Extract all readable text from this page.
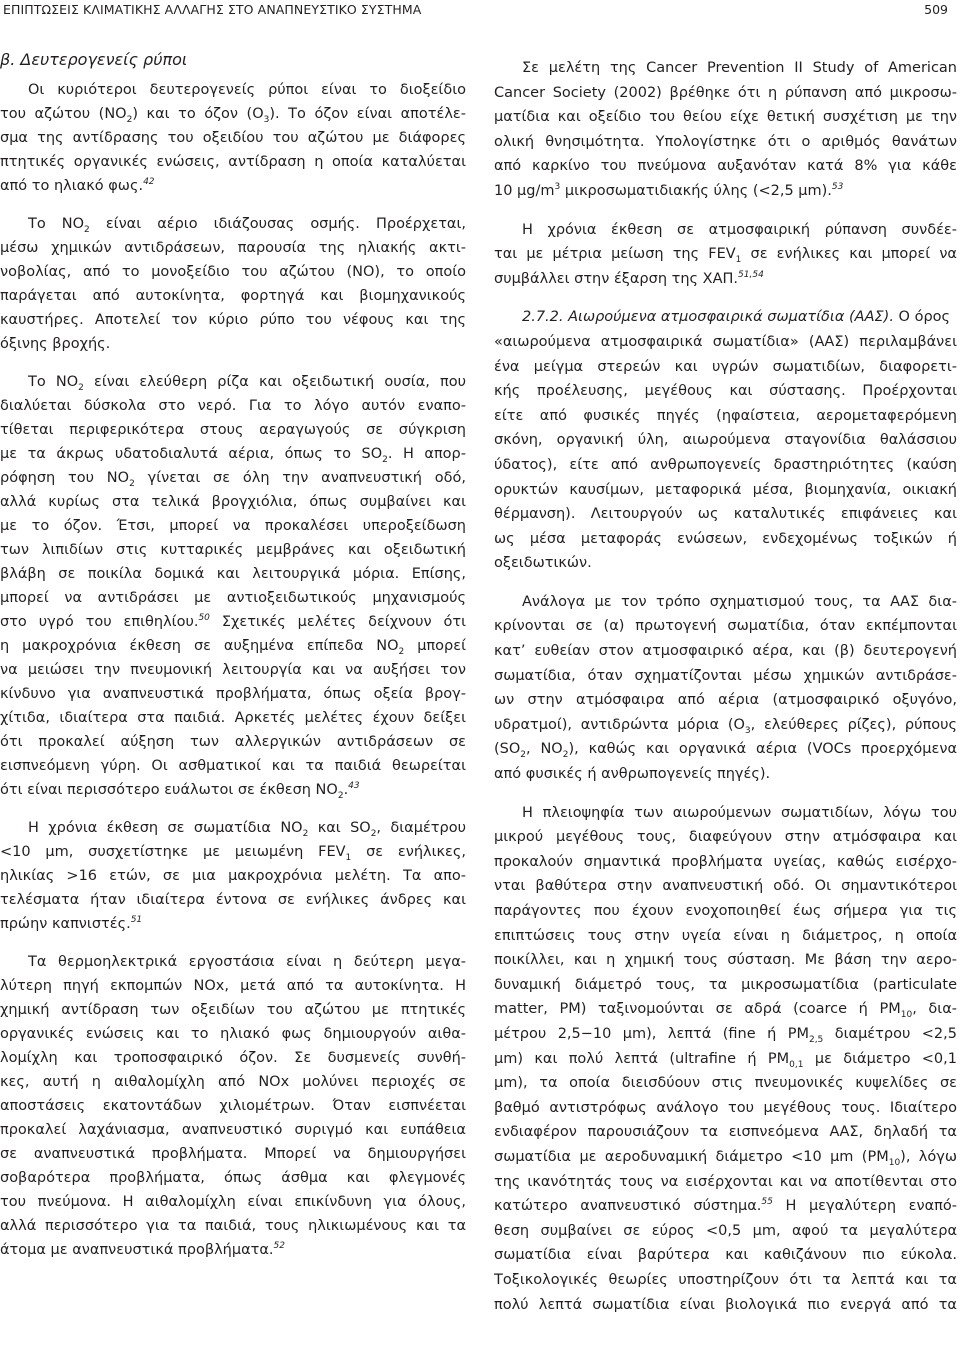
ΕΠΙΠΤΩΣΕΙΣ ΚΛΙΜΑΤΙΚΗΣ ΑΛΛΑΓΗΣ ΣΤΟ ΑΝΑΠΝΕΥΣΤΙΚΟ ΣΥΣΤΗΜΑ	509
β. Δευτερογενείς ρύποι
Οι κυριότεροι δευτερογενείς ρύποι είναι το διοξείδιο
του αζώτου $(NO_2)$ και το όζον $(O_3)$. Το όζον είναι αποτέλε-
σμα της αντίδρασης του οξειδίου του αζώτου με διάφορες
πτητικές οργανικές ενώσεις, αντίδραση η οποία καταλύεται
από το ηλιακό φως.$^{42}$
Το $NO_2$ είναι αέριο ιδιάζουσας οσμής. Προέρχεται,
μέσω χημικών αντιδράσεων, παρουσία της ηλιακής ακτι-
νοβολίας, από το μονοξείδιο του αζώτου (NO), το οποίο
παράγεται από αυτοκίνητα, φορτηγά και βιομηχανικούς
καυστήρες. Αποτελεί τον κύριο ρύπο του νέφους και της
όξινης βροχής.
Το $NO_2$ είναι ελεύθερη ρίζα και οξειδωτική ουσία, που
διαλύεται δύσκολα στο νερό. Για το λόγο αυτόν εναπο-
τίθεται περιφερικότερα στους αεραγωγούς σε σύγκριση
με τα άκρως υδατοδιαλυτά αέρια, όπως το $SO_2$. Η απορ-
ρόφηση του $NO_2$ γίνεται σε όλη την αναπνευστική οδό,
αλλά κυρίως στα τελικά βρογχιόλια, όπως συμβαίνει και
με το όζον. Έτσι, μπορεί να προκαλέσει υπεροξείδωση
των λιπιδίων στις κυτταρικές μεμβράνες και οξειδωτική
βλάβη σε ποικίλα δομικά και λειτουργικά μόρια. Επίσης,
μπορεί να αντιδράσει με αντιοξειδωτικούς μηχανισμούς
στο υγρό του επιθηλίου.$^{50}$ Σχετικές μελέτες δείχνουν ότι
η μακροχρόνια έκθεση σε αυξημένα επίπεδα $NO_2$ μπορεί
να μειώσει την πνευμονική λειτουργία και να αυξήσει τον
κίνδυνο για αναπνευστικά προβλήματα, όπως οξεία βρογ-
χίτιδα, ιδιαίτερα στα παιδιά. Αρκετές μελέτες έχουν δείξει
ότι προκαλεί αύξηση των αλλεργικών αντιδράσεων σε
εισπνεόμενη γύρη. Οι ασθματικοί και τα παιδιά θεωρείται
ότι είναι περισσότερο ευάλωτοι σε έκθεση $NO_2.^{43}$
Η χρόνια έκθεση σε σωματίδια $NO_2$ και $SO_2$, διαμέτρου
<10 μm, συσχετίστηκε με μειωμένη $FEV_1$ σε ενήλικες,
ηλικίας >16 ετών, σε μια μακροχρόνια μελέτη. Τα απο-
τελέσματα ήταν ιδιαίτερα έντονα σε ενήλικες άνδρες και
πρώην καπνιστές.$^{51}$
Τα θερμοηλεκτρικά εργοστάσια είναι η δεύτερη μεγα-
λύτερη πηγή εκπομπών NOx, μετά από τα αυτοκίνητα. Η
χημική αντίδραση των οξειδίων του αζώτου με πτητικές
οργανικές ενώσεις και το ηλιακό φως δημιουργούν αιθα-
λομίχλη και τροποσφαιρικό όζον. Σε δυσμενείς συνθή-
κες, αυτή η αιθαλομίχλη από NOx μολύνει περιοχές σε
αποστάσεις εκατοντάδων χιλιομέτρων. Όταν εισπνέεται
προκαλεί λαχάνιασμα, αναπνευστικό συριγμό και ευπάθεια
σε αναπνευστικά προβλήματα. Μπορεί να δημιουργήσει
σοβαρότερα προβλήματα, όπως άσθμα και φλεγμονές
του πνεύμονα. Η αιθαλομίχλη είναι επικίνδυνη για όλους,
αλλά περισσότερο για τα παιδιά, τους ηλικιωμένους και τα
άτομα με αναπνευστικά προβλήματα.$^{52}$
Σε μελέτη της Cancer Prevention II Study of American
Cancer Society (2002) βρέθηκε ότι η ρύπανση από μικροσω-
ματίδια και οξείδιο του θείου είχε θετική συσχέτιση με την
ολική θνησιμότητα. Υπολογίστηκε ότι ο αριθμός θανάτων
από καρκίνο του πνεύμονα αυξανόταν κατά 8% για κάθε
10 $\mu g/m^3$ μικροσωματιδιακής ύλης (<2,5 μm).$^{53}$
Η χρόνια έκθεση σε ατμοσφαιρική ρύπανση συνδέε-
ται με μέτρια μείωση της $FEV_1$ σε ενήλικες και μπορεί να
συμβάλλει στην έξαρση της ΧΑΠ.$^{51,54}$
2.7.2. Αιωρούμενα ατμοσφαιρικά σωματίδια (ΑΑΣ). Ο όρος
«αιωρούμενα ατμοσφαιρικά σωματίδια» (ΑΑΣ) περιλαμβάνει
ένα μείγμα στερεών και υγρών σωματιδίων, διαφορετι-
κής προέλευσης, μεγέθους και σύστασης. Προέρχονται
είτε από φυσικές πηγές (ηφαίστεια, αερομεταφερόμενη
σκόνη, οργανική ύλη, αιωρούμενα σταγονίδια θαλάσσιου
ύδατος), είτε από ανθρωπογενείς δραστηριότητες (καύση
ορυκτών καυσίμων, μεταφορικά μέσα, βιομηχανία, οικιακή
θέρμανση). Λειτουργούν ως καταλυτικές επιφάνειες και
ως μέσα μεταφοράς ενώσεων, ενδεχομένως τοξικών ή
οξειδωτικών.
Ανάλογα με τον τρόπο σχηματισμού τους, τα ΑΑΣ δια-
κρίνονται σε (α) πρωτογενή σωματίδια, όταν εκπέμπονται
κατ’ ευθείαν στον ατμοσφαιρικό αέρα, και (β) δευτερογενή
σωματίδια, όταν σχηματίζονται μέσω χημικών αντιδράσε-
ων στην ατμόσφαιρα από αέρια (ατμοσφαιρικό οξυγόνο,
υδρατμοί), αντιδρώντα μόρια ($O_3$, ελεύθερες ρίζες), ρύπους
($SO_2$, $NO_2$), καθώς και οργανικά αέρια (VOCs προερχόμενα
από φυσικές ή ανθρωπογενείς πηγές).
Η πλειοψηφία των αιωρούμενων σωματιδίων, λόγω του
μικρού μεγέθους τους, διαφεύγουν στην ατμόσφαιρα και
προκαλούν σημαντικά προβλήματα υγείας, καθώς εισέρχο-
νται βαθύτερα στην αναπνευστική οδό. Οι σημαντικότεροι
παράγοντες που έχουν ενοχοποιηθεί έως σήμερα για τις
επιπτώσεις τους στην υγεία είναι η διάμετρος, η οποία
ποικίλλει, και η χημική τους σύσταση. Με βάση την αερο-
δυναμική διάμετρό τους, τα μικροσωματίδια (particulate
matter, PM) ταξινομούνται σε αδρά (coarce ή $PM_{10}$, δια-
μέτρου 2,5−10 μm), λεπτά (fine ή $PM_{2,5}$ διαμέτρου <2,5
μm) και πολύ λεπτά (ultrafine ή $PM_{0,1}$ με διάμετρο <0,1
μm), τα οποία διεισδύουν στις πνευμονικές κυψελίδες σε
βαθμό αντιστρόφως ανάλογο του μεγέθους τους. Ιδιαίτερο
ενδιαφέρον παρουσιάζουν τα εισπνεόμενα ΑΑΣ, δηλαδή τα
σωματίδια με αεροδυναμική διάμετρο <10 μm $(PM_{10})$, λόγω
της ικανότητάς τους να εισέρχονται και να αποτίθενται στο
κατώτερο αναπνευστικό σύστημα.$^{55}$ Η μεγαλύτερη εναπό-
θεση συμβαίνει σε εύρος <0,5 μm, αφού τα μεγαλύτερα
σωματίδια είναι βαρύτερα και καθιζάνουν πιο εύκολα.
Τοξικολογικές θεωρίες υποστηρίζουν ότι τα λεπτά και τα
πολύ λεπτά σωματίδια είναι βιολογικά πιο ενεργά από τα
